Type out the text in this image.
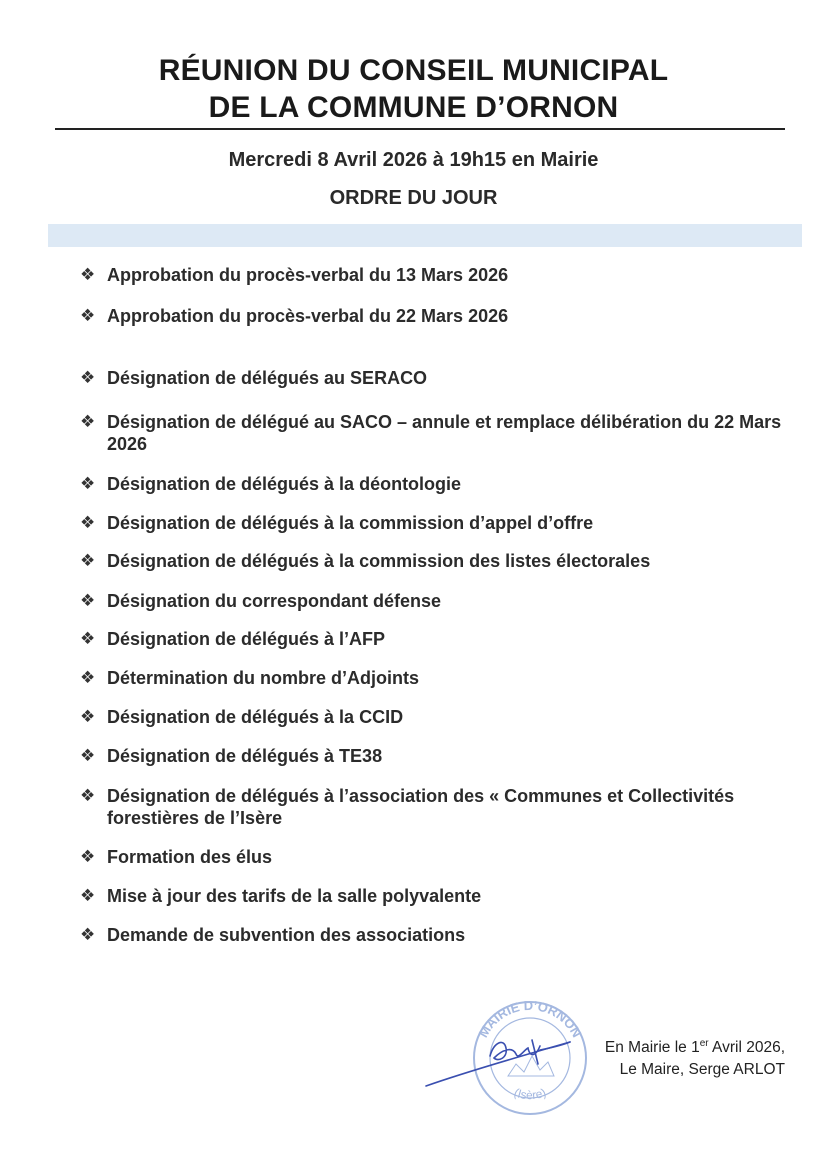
RÉUNION DU CONSEIL MUNICIPAL
DE LA COMMUNE D’ORNON
Mercredi 8 Avril 2026 à 19h15 en Mairie
ORDRE DU JOUR
❖ Approbation du procès-verbal du 13 Mars 2026
❖ Approbation du procès-verbal du 22 Mars 2026
❖ Désignation de délégués au SERACO
❖ Désignation de délégué au SACO – annule et remplace délibération du 22 Mars 2026
❖ Désignation de délégués à la déontologie
❖ Désignation de délégués à la commission d’appel d’offre
❖ Désignation de délégués à la commission des listes électorales
❖ Désignation du correspondant défense
❖ Désignation de délégués à l’AFP
❖ Détermination du nombre d’Adjoints
❖ Désignation de délégués à la CCID
❖ Désignation de délégués à TE38
❖ Désignation de délégués à l’association des « Communes et Collectivités forestières de l’Isère
❖ Formation des élus
❖ Mise à jour des tarifs de la salle polyvalente
❖ Demande de subvention des associations
MAIRIE D’ORNON
(Isère)
En Mairie le 1er Avril 2026,
Le Maire, Serge ARLOT
